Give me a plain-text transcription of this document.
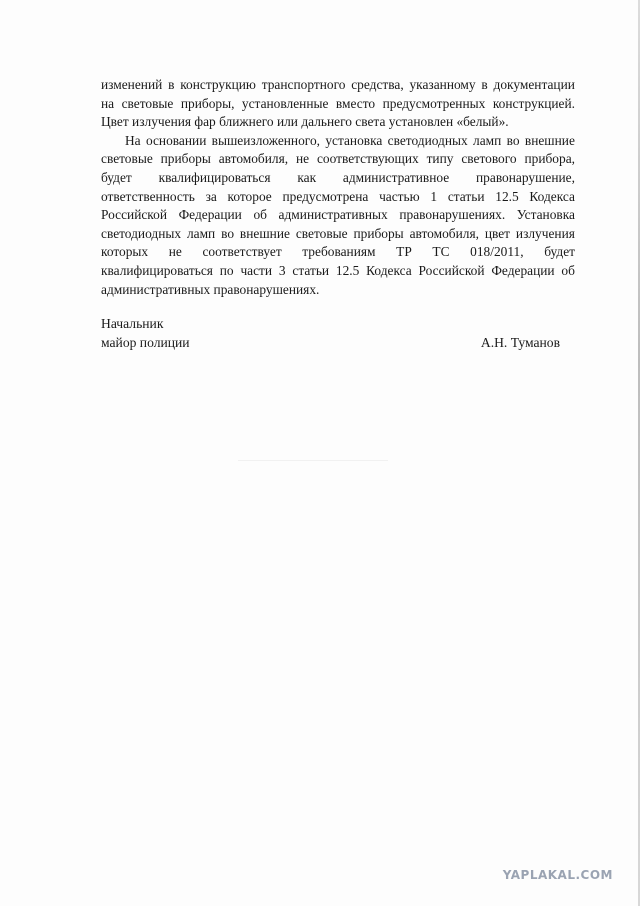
изменений в конструкцию транспортного средства, указанному в документации
на световые приборы, установленные вместо предусмотренных конструкцией.
Цвет излучения фар ближнего или дальнего света установлен «белый».
На основании вышеизложенного, установка светодиодных ламп во внешние
световые приборы автомобиля, не соответствующих типу светового прибора,
будет квалифицироваться как административное правонарушение,
ответственность за которое предусмотрена частью 1 статьи 12.5 Кодекса
Российской Федерации об административных правонарушениях. Установка
светодиодных ламп во внешние световые приборы автомобиля, цвет излучения
которых не соответствует требованиям ТР ТС 018/2011, будет
квалифицироваться по части 3 статьи 12.5 Кодекса Российской Федерации об
административных правонарушениях.
Начальник
майор полиции	А.Н. Туманов
YAPLAKAL.COM
